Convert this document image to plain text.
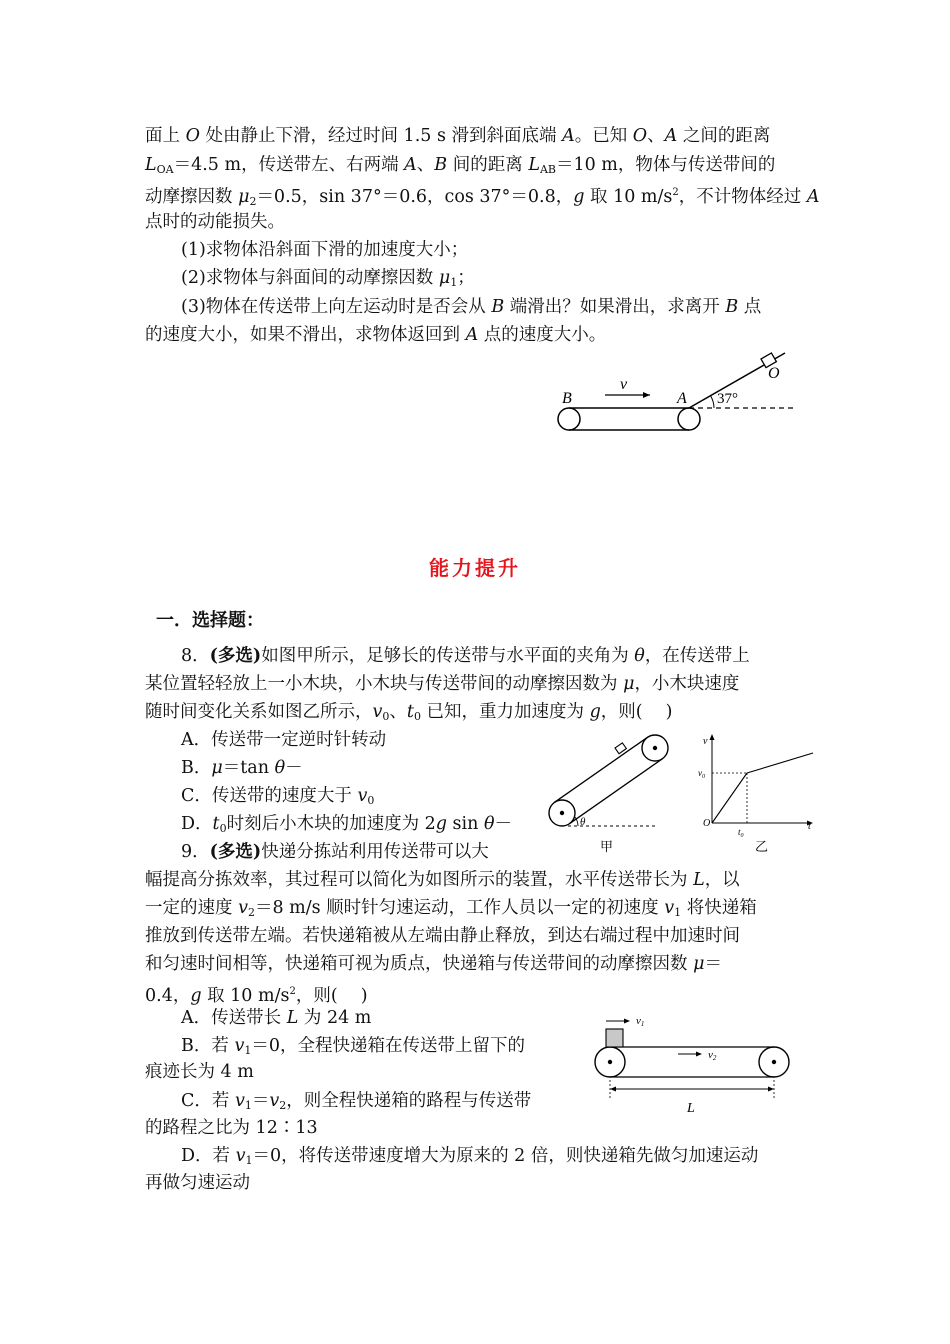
面上 O 处由静止下滑，经过时间 1.5 s 滑到斜面底端 A。已知 O、A 之间的距离
$L_{OA}=4.5$ m，传送带左、右两端 A、B 间的距离 $L_{AB}=10$ m，物体与传送带间的
动摩擦因数 $\mu_2=0.5$，sin 37°＝0.6，cos 37°＝0.8，g 取 10 $m/s^2$，不计物体经过 A
点时的动能损失。
(1)求物体沿斜面下滑的加速度大小；
(2)求物体与斜面间的动摩擦因数 $\mu_1$；
(3)物体在传送带上向左运动时是否会从 B 端滑出？如果滑出，求离开 B 点
的速度大小，如果不滑出，求物体返回到 A 点的速度大小。
B	A
O
v
37°
能力提升
一．选择题：
8．(多选)如图甲所示，足够长的传送带与水平面的夹角为 θ，在传送带上
某位置轻轻放上一小木块，小木块与传送带间的动摩擦因数为 μ，小木块速度
随时间变化关系如图乙所示，$v_0$、$t_0$ 已知，重力加速度为 g，则(　 )
A．传送带一定逆时针转动
B．μ＝tan θ－
C．传送带的速度大于 $v_0$
D．$t_0$时刻后小木块的加速度为 2g sin θ－	θ
甲
v
t
O
$v_0$
$t_0$
乙
9．(多选)快递分拣站利用传送带可以大
幅提高分拣效率，其过程可以简化为如图所示的装置，水平传送带长为 L，以
一定的速度 $v_2=8$ m/s 顺时针匀速运动，工作人员以一定的初速度 $v_1$ 将快递箱
推放到传送带左端。若快递箱被从左端由静止释放，到达右端过程中加速时间
和匀速时间相等，快递箱可视为质点，快递箱与传送带间的动摩擦因数 μ＝
0.4，g 取 10 $m/s^2$，则(　 )
A．传送带长 L 为 24 m
B．若 $v_1=0$，全程快递箱在传送带上留下的
痕迹长为 4 m
C．若 $v_1=v_2$，则全程快递箱的路程与传送带
的路程之比为 12∶13
D．若 $v_1=0$，将传送带速度增大为原来的 2 倍，则快递箱先做匀加速运动
再做匀速运动
v1
v2
L
